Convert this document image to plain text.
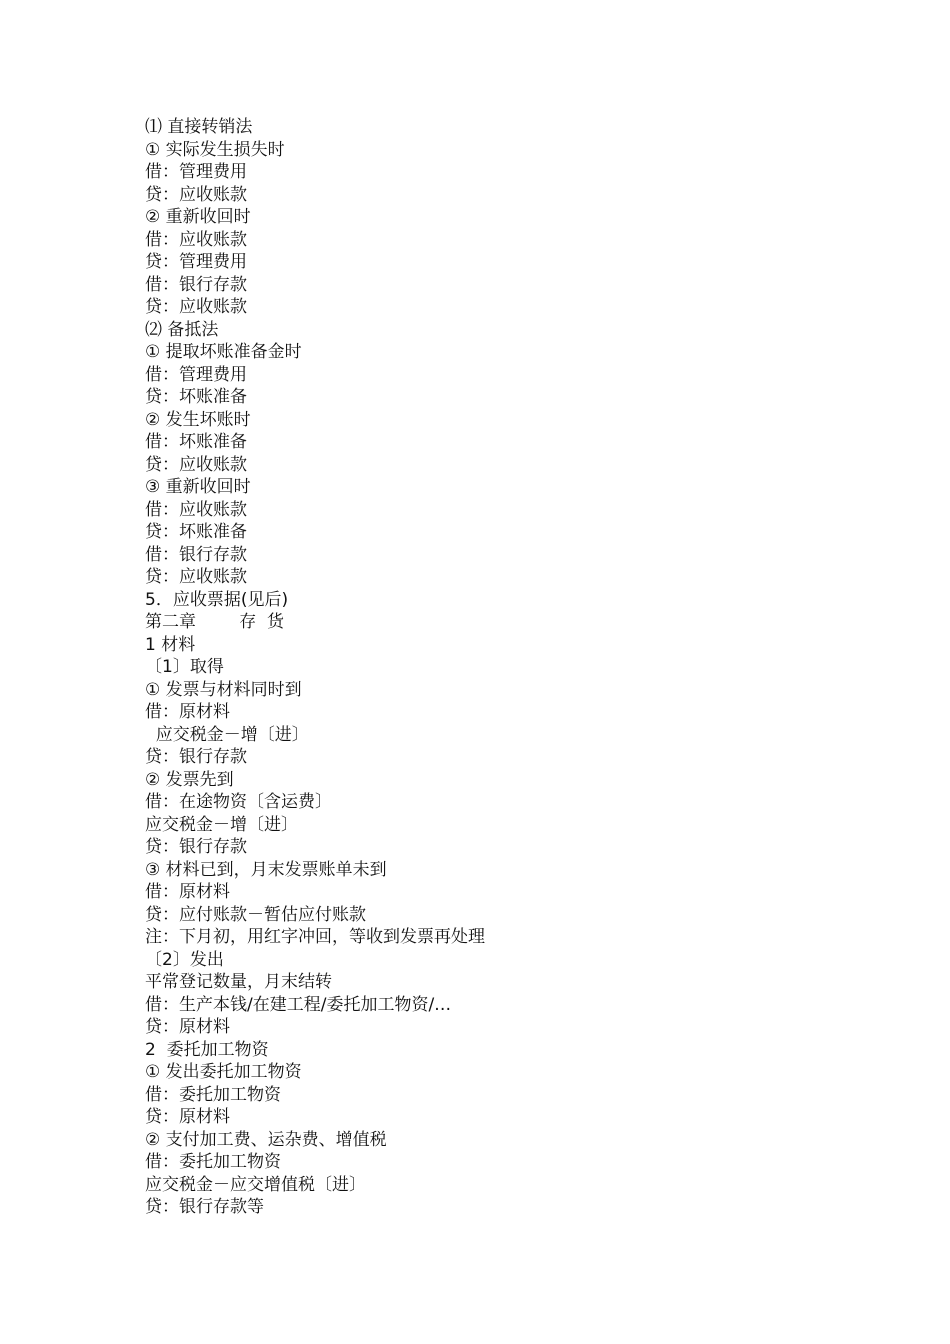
⑴ 直接转销法
① 实际发生损失时
借：管理费用
贷：应收账款
② 重新收回时
借：应收账款
贷：管理费用
借：银行存款
贷：应收账款
⑵ 备抵法
① 提取坏账准备金时
借：管理费用
贷：坏账准备
② 发生坏账时
借：坏账准备
贷：应收账款
③ 重新收回时
借：应收账款
贷：坏账准备
借：银行存款
贷：应收账款
5．应收票据(见后)
第二章        存  货
1 材料
〔1〕取得
① 发票与材料同时到
借：原材料
应交税金－增〔进〕
贷：银行存款
② 发票先到
借：在途物资〔含运费〕
应交税金－增〔进〕
贷：银行存款
③ 材料已到，月末发票账单未到
借：原材料
贷：应付账款－暂估应付账款
注：下月初，用红字冲回，等收到发票再处理
〔2〕发出
平常登记数量，月末结转
借：生产本钱/在建工程/委托加工物资/…
贷：原材料
2  委托加工物资
① 发出委托加工物资
借：委托加工物资
贷：原材料
② 支付加工费、运杂费、增值税
借：委托加工物资
应交税金－应交增值税〔进〕
贷：银行存款等
